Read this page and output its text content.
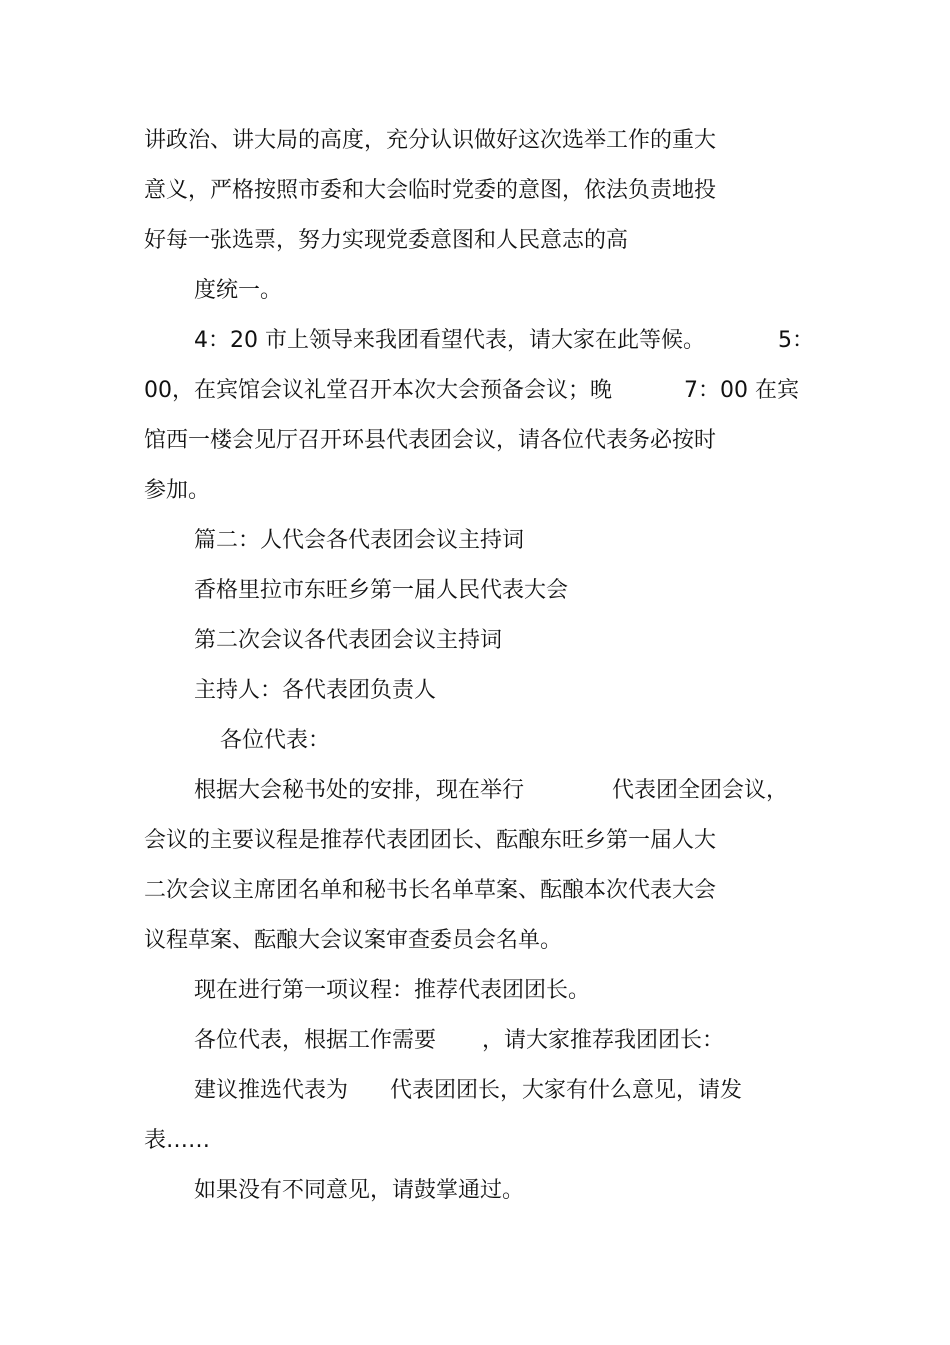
讲政治、讲大局的高度，充分认识做好这次选举工作的重大
意义，严格按照市委和大会临时党委的意图，依法负责地投
好每一张选票，努力实现党委意图和人民意志的高
度统一。
4：20 市上领导来我团看望代表，请大家在此等候。	5：
00，在宾馆会议礼堂召开本次大会预备会议；晚	7：00 在宾
馆西一楼会见厅召开环县代表团会议，请各位代表务必按时
参加。
篇二：人代会各代表团会议主持词
香格里拉市东旺乡第一届人民代表大会
第二次会议各代表团会议主持词
主持人：各代表团负责人
各位代表：
根据大会秘书处的安排，现在举行	代表团全团会议，
会议的主要议程是推荐代表团团长、酝酿东旺乡第一届人大
二次会议主席团名单和秘书长名单草案、酝酿本次代表大会
议程草案、酝酿大会议案审查委员会名单。
现在进行第一项议程：推荐代表团团长。
各位代表，根据工作需要 ，请大家推荐我团团长：
建议推选代表为 代表团团长，大家有什么意见，请发
表……
如果没有不同意见，请鼓掌通过。
